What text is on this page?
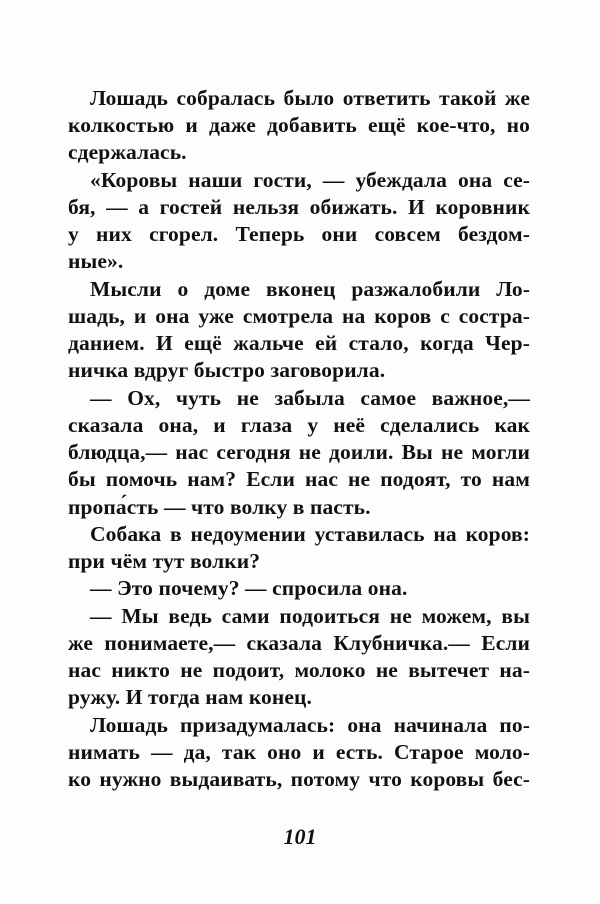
Лошадь собралась было ответить такой же
колкостью и даже добавить ещё кое-что, но
сдержалась.
«Коровы наши гости, — убеждала она се-
бя, — а гостей нельзя обижать. И коровник
у них сгорел. Теперь они совсем бездом-
ные».
Мысли о доме вконец разжалобили Ло-
шадь, и она уже смотрела на коров с состра-
данием. И ещё жальче ей стало, когда Чер-
ничка вдруг быстро заговорила.
— Ох, чуть не забыла самое важное,—
сказала она, и глаза у неё сделались как
блюдца,— нас сегодня не доили. Вы не могли
бы помочь нам? Если нас не подоят, то нам
пропа́сть — что волку в пасть.
Собака в недоумении уставилась на коров:
при чём тут волки?
— Это почему? — спросила она.
— Мы ведь сами подоиться не можем, вы
же понимаете,— сказала Клубничка.— Если
нас никто не подоит, молоко не вытечет на-
ружу. И тогда нам конец.
Лошадь призадумалась: она начинала по-
нимать — да, так оно и есть. Старое моло-
ко нужно выдаивать, потому что коровы бес-
101
